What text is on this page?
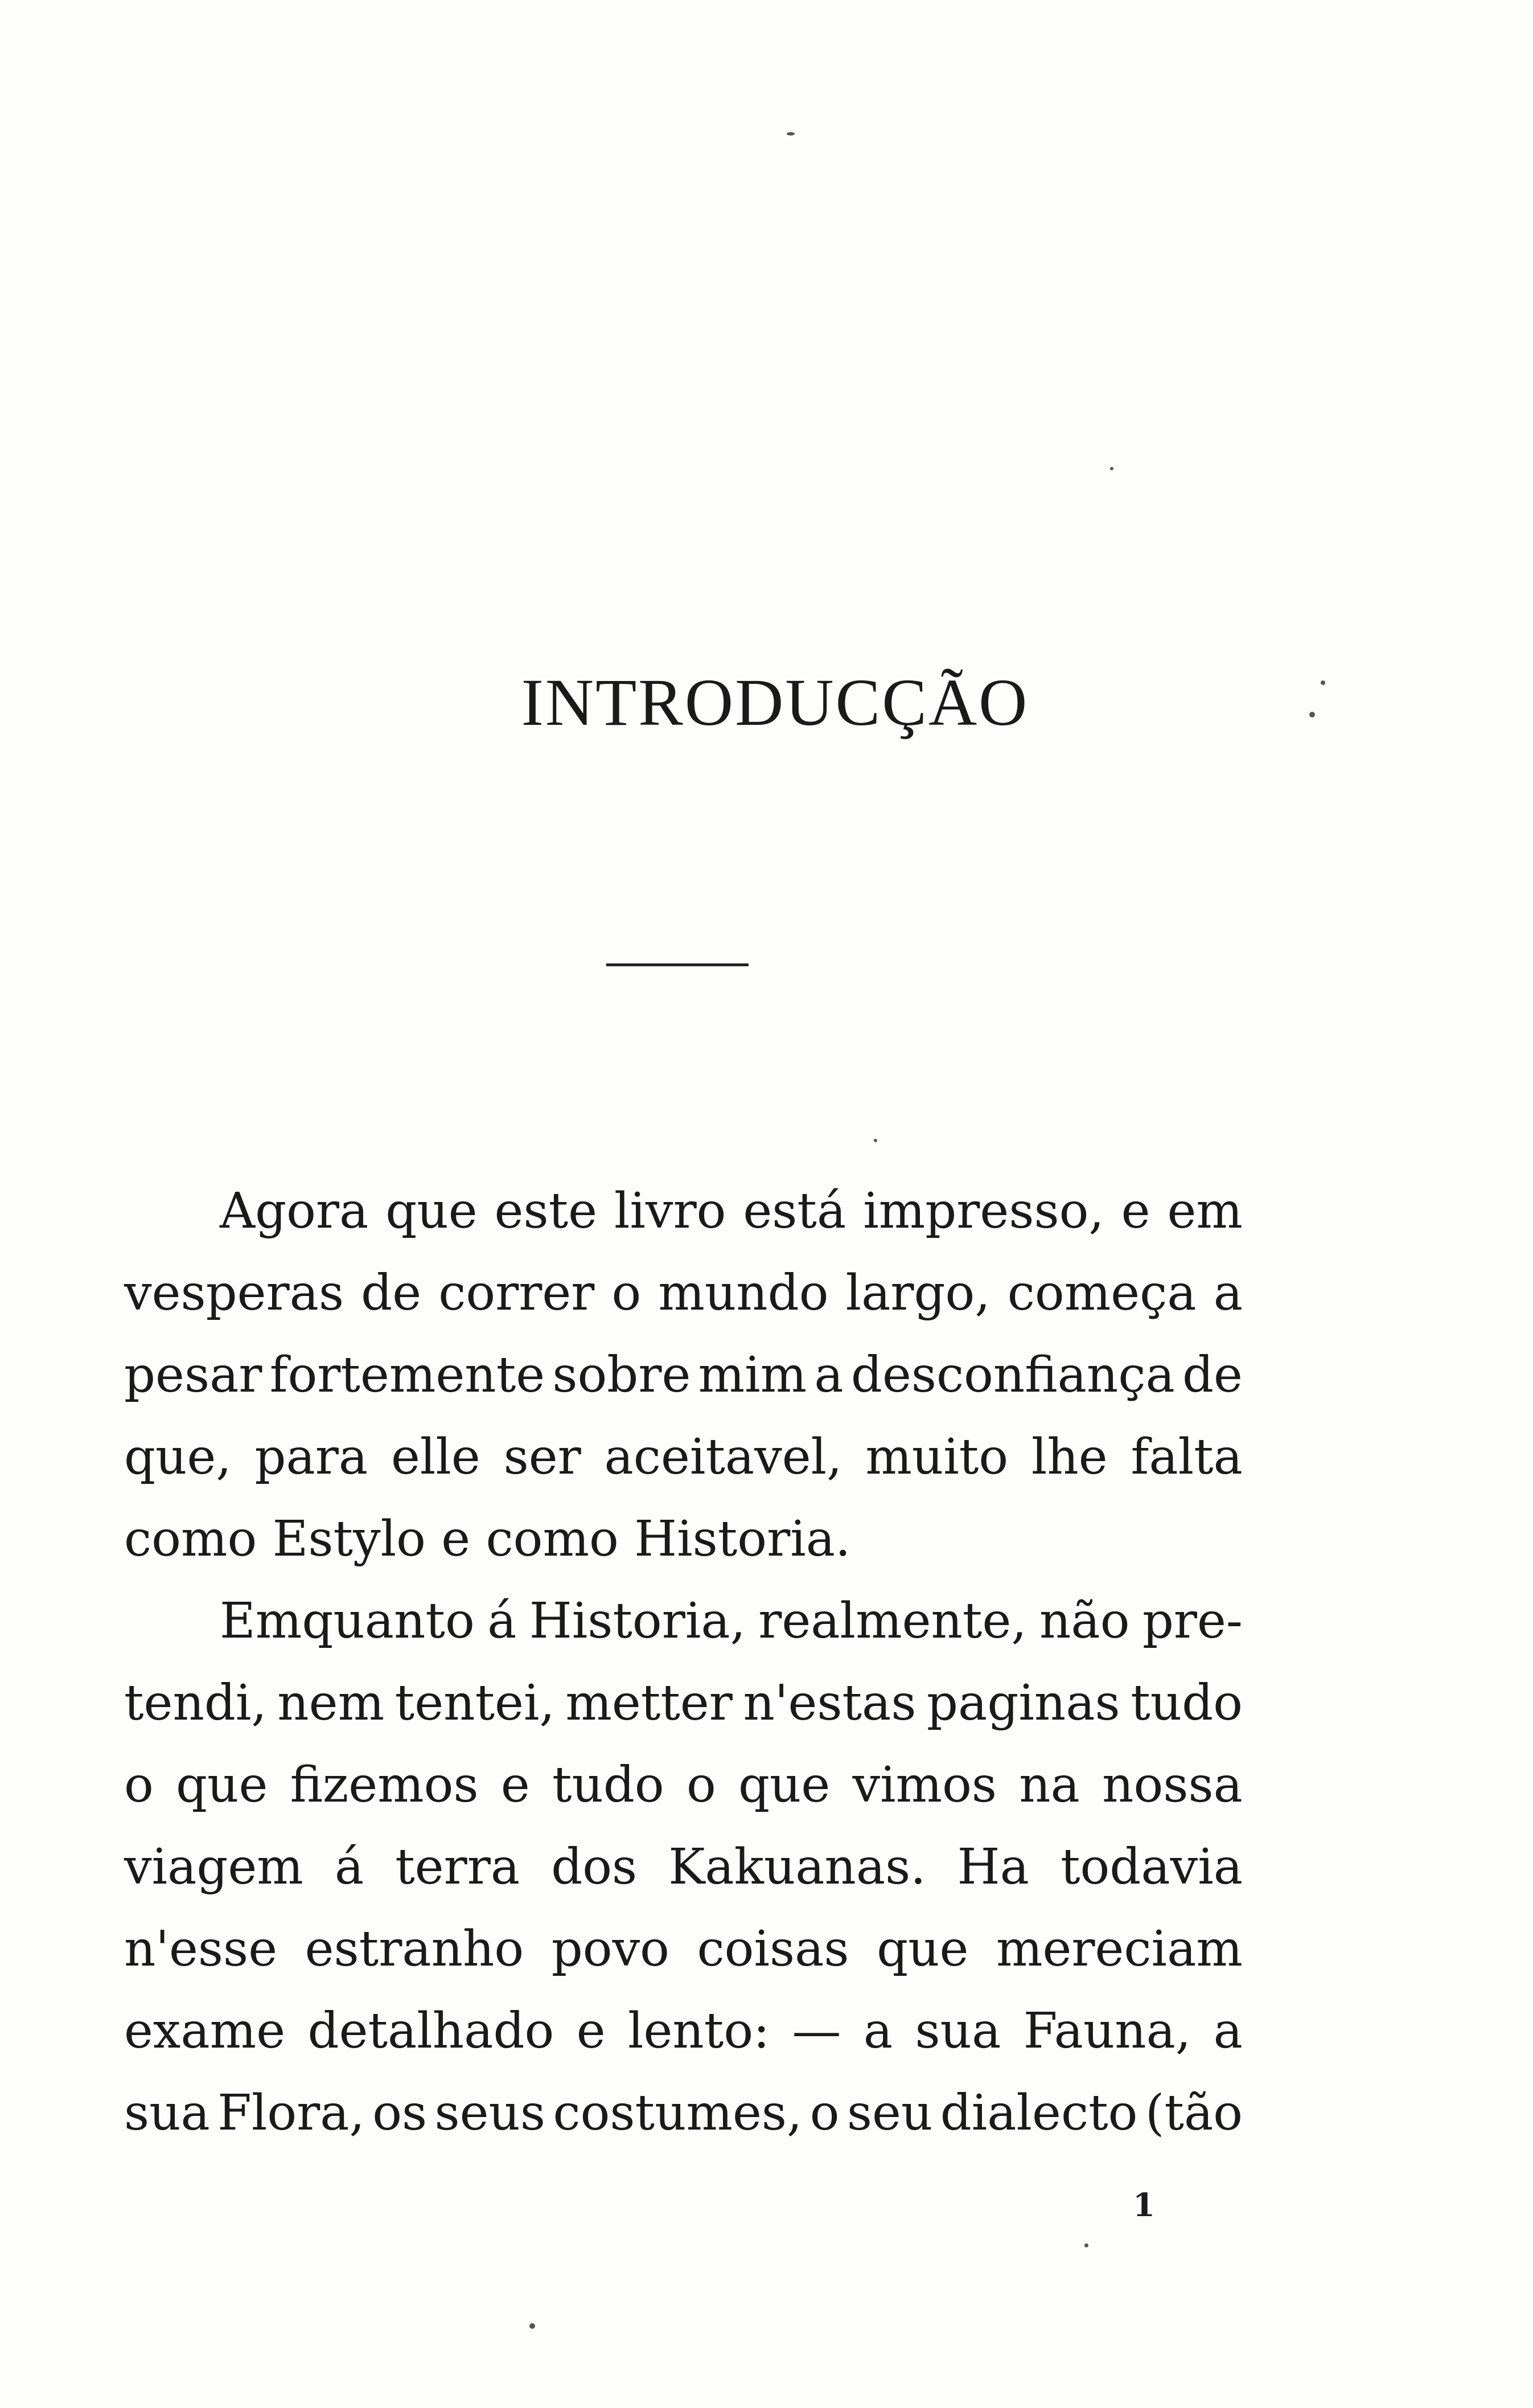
INTRODUCÇÃO
Agora que este livro está impresso, e em
vesperas de correr o mundo largo, começa a
pesar fortemente sobre mim a desconfiança de
que, para elle ser aceitavel, muito lhe falta
como Estylo e como Historia.
Emquanto á Historia, realmente, não pre-
tendi, nem tentei, metter n'estas paginas tudo
o que fizemos e tudo o que vimos na nossa
viagem á terra dos Kakuanas. Ha todavia
n'esse estranho povo coisas que mereciam
exame detalhado e lento: — a sua Fauna, a
sua Flora, os seus costumes, o seu dialecto (tão
1
